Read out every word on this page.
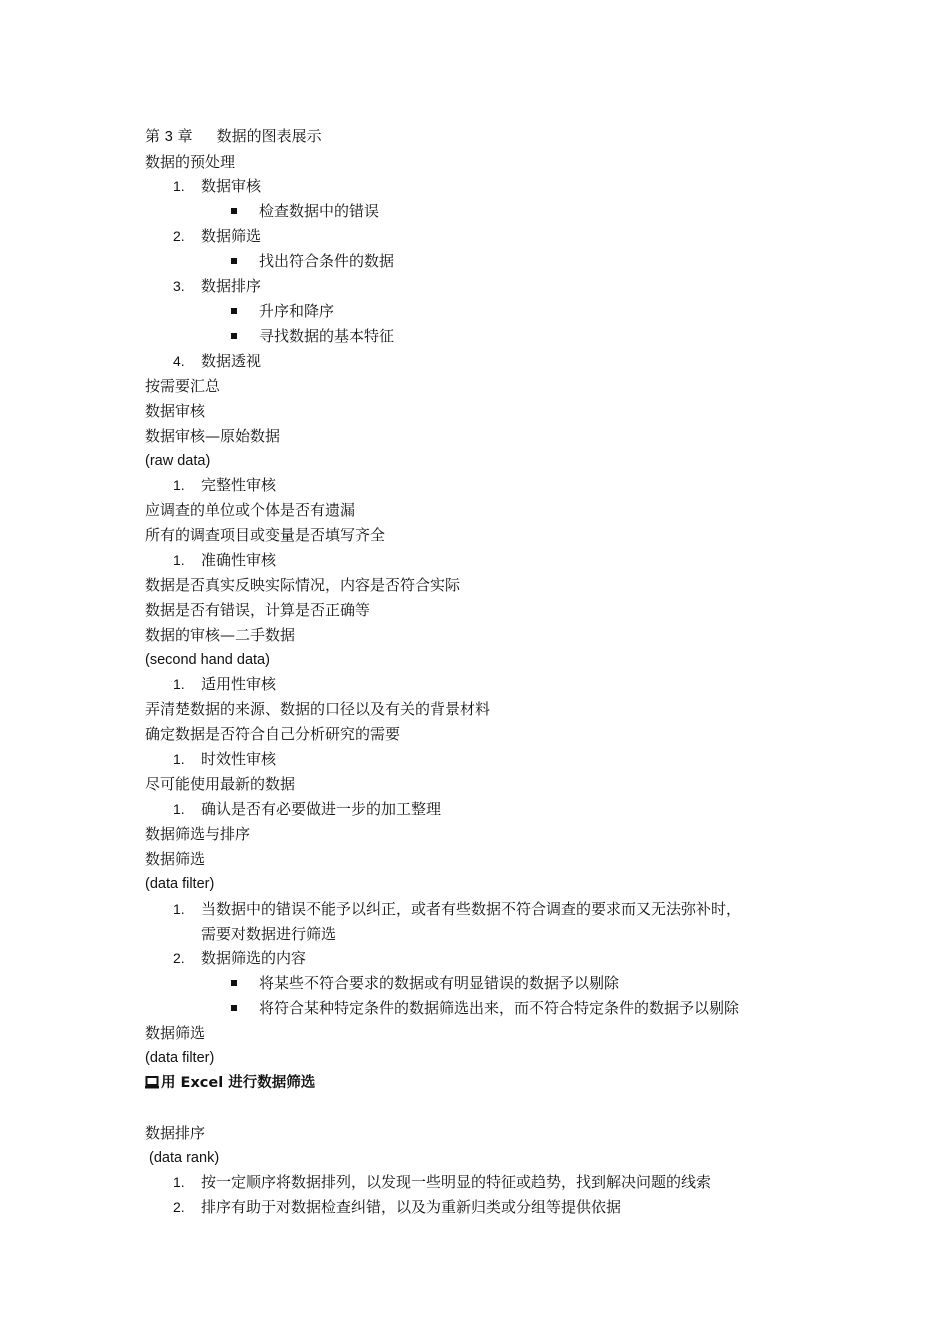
第 3 章 数据的图表展示
数据的预处理
1. 数据审核
检查数据中的错误
2. 数据筛选
找出符合条件的数据
3. 数据排序
升序和降序
寻找数据的基本特征
4. 数据透视
按需要汇总
数据审核
数据审核—原始数据
(raw data)
1. 完整性审核
应调查的单位或个体是否有遗漏
所有的调查项目或变量是否填写齐全
1. 准确性审核
数据是否真实反映实际情况，内容是否符合实际
数据是否有错误，计算是否正确等
数据的审核—二手数据
(second hand data)
1. 适用性审核
弄清楚数据的来源、数据的口径以及有关的背景材料
确定数据是否符合自己分析研究的需要
1. 时效性审核
尽可能使用最新的数据
1. 确认是否有必要做进一步的加工整理
数据筛选与排序
数据筛选
(data filter)
1. 当数据中的错误不能予以纠正，或者有些数据不符合调查的要求而又无法弥补时，
需要对数据进行筛选
2. 数据筛选的内容
将某些不符合要求的数据或有明显错误的数据予以剔除
将符合某种特定条件的数据筛选出来，而不符合特定条件的数据予以剔除
数据筛选
(data filter)
用 Excel 进行数据筛选
数据排序
(data rank)
1. 按一定顺序将数据排列，以发现一些明显的特征或趋势，找到解决问题的线索
2. 排序有助于对数据检查纠错，以及为重新归类或分组等提供依据
